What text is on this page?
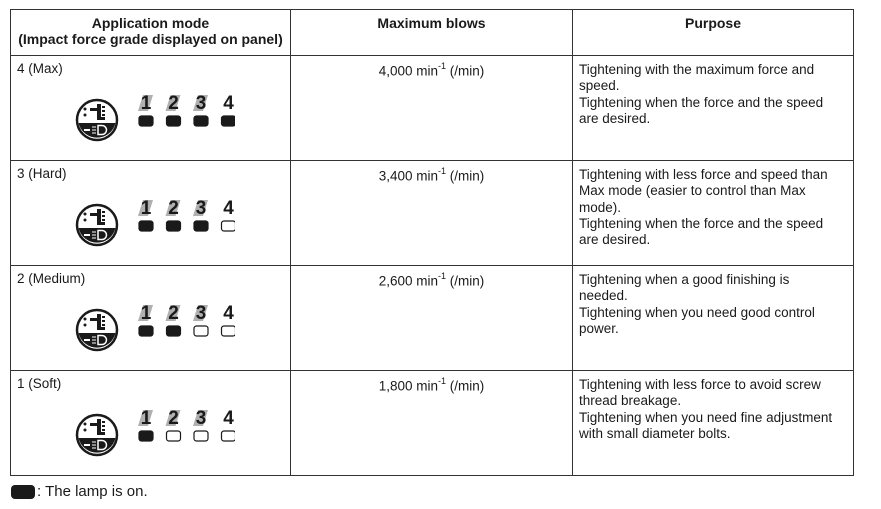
Application mode
(Impact force grade displayed on panel)	Maximum blows	Purpose

4 (Max)
1 2 3 4	4,000 $\min^{-1} (/\min)$	Tightening with the maximum force and
speed.
Tightening when the force and the speed
are desired.

3 (Hard)
1 2 3 4	3,400 $\min^{-1} (/\min)$	Tightening with less force and speed than
Max mode (easier to control than Max
mode).
Tightening when the force and the speed
are desired.

2 (Medium)
1 2 3 4	2,600 $\min^{-1} (/\min)$	Tightening when a good finishing is
needed.
Tightening when you need good control
power.

1 (Soft)
1 2 3 4	1,800 $\min^{-1} (/\min)$	Tightening with less force to avoid screw
thread breakage.
Tightening when you need fine adjustment
with small diameter bolts.
: The lamp is on.
